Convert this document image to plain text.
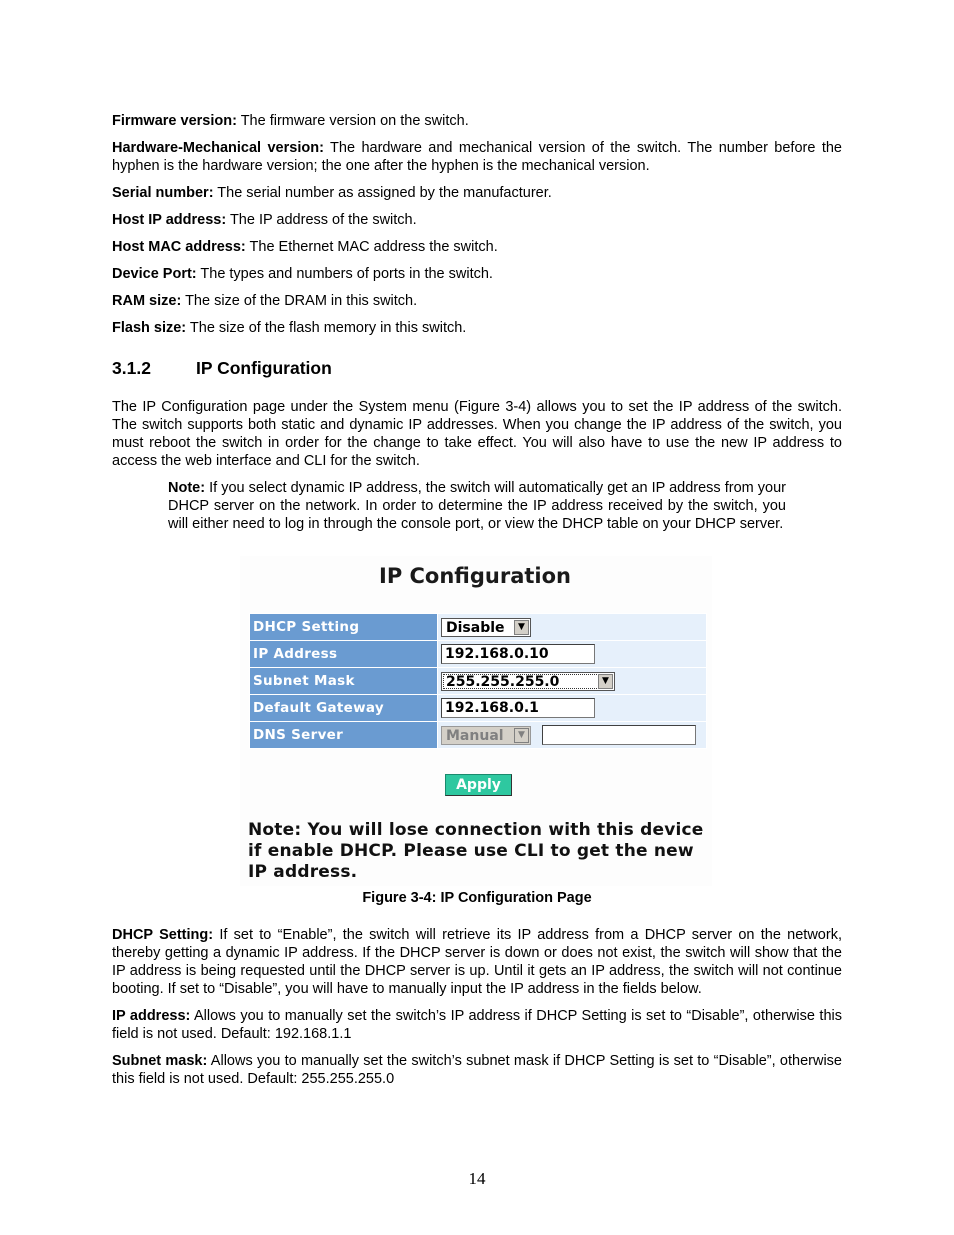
Firmware version: The firmware version on the switch.

Hardware-Mechanical version: The hardware and mechanical version of the switch. The number before the hyphen is the hardware version; the one after the hyphen is the mechanical version.

Serial number: The serial number as assigned by the manufacturer.

Host IP address: The IP address of the switch.

Host MAC address: The Ethernet MAC address the switch.

Device Port: The types and numbers of ports in the switch.

RAM size: The size of the DRAM in this switch.

Flash size: The size of the flash memory in this switch.

3.1.2	IP Configuration

The IP Configuration page under the System menu (Figure 3-4) allows you to set the IP address of the switch. The switch supports both static and dynamic IP addresses. When you change the IP address of the switch, you must reboot the switch in order for the change to take effect. You will also have to use the new IP address to access the web interface and CLI for the switch.

Note: If you select dynamic IP address, the switch will automatically get an IP address from your DHCP server on the network. In order to determine the IP address received by the switch, you will either need to log in through the console port, or view the DHCP table on your DHCP server.
IP Configuration
DHCP Setting	Disable ▼

IP Address	192.168.0.10
Subnet Mask	255.255.255.0 ▼

Default Gateway	192.168.0.1
DNS Server	Manual ▼

Apply
Note: You will lose connection with this device if enable DHCP. Please use CLI to get the new IP address.
Figure 3-4: IP Configuration Page

DHCP Setting: If set to “Enable”, the switch will retrieve its IP address from a DHCP server on the network, thereby getting a dynamic IP address. If the DHCP server is down or does not exist, the switch will show that the IP address is being requested until the DHCP server is up. Until it gets an IP address, the switch will not continue booting. If set to “Disable”, you will have to manually input the IP address in the fields below.

IP address: Allows you to manually set the switch’s IP address if DHCP Setting is set to “Disable”, otherwise this field is not used. Default: 192.168.1.1

Subnet mask: Allows you to manually set the switch’s subnet mask if DHCP Setting is set to “Disable”, otherwise this field is not used. Default: 255.255.255.0

14
